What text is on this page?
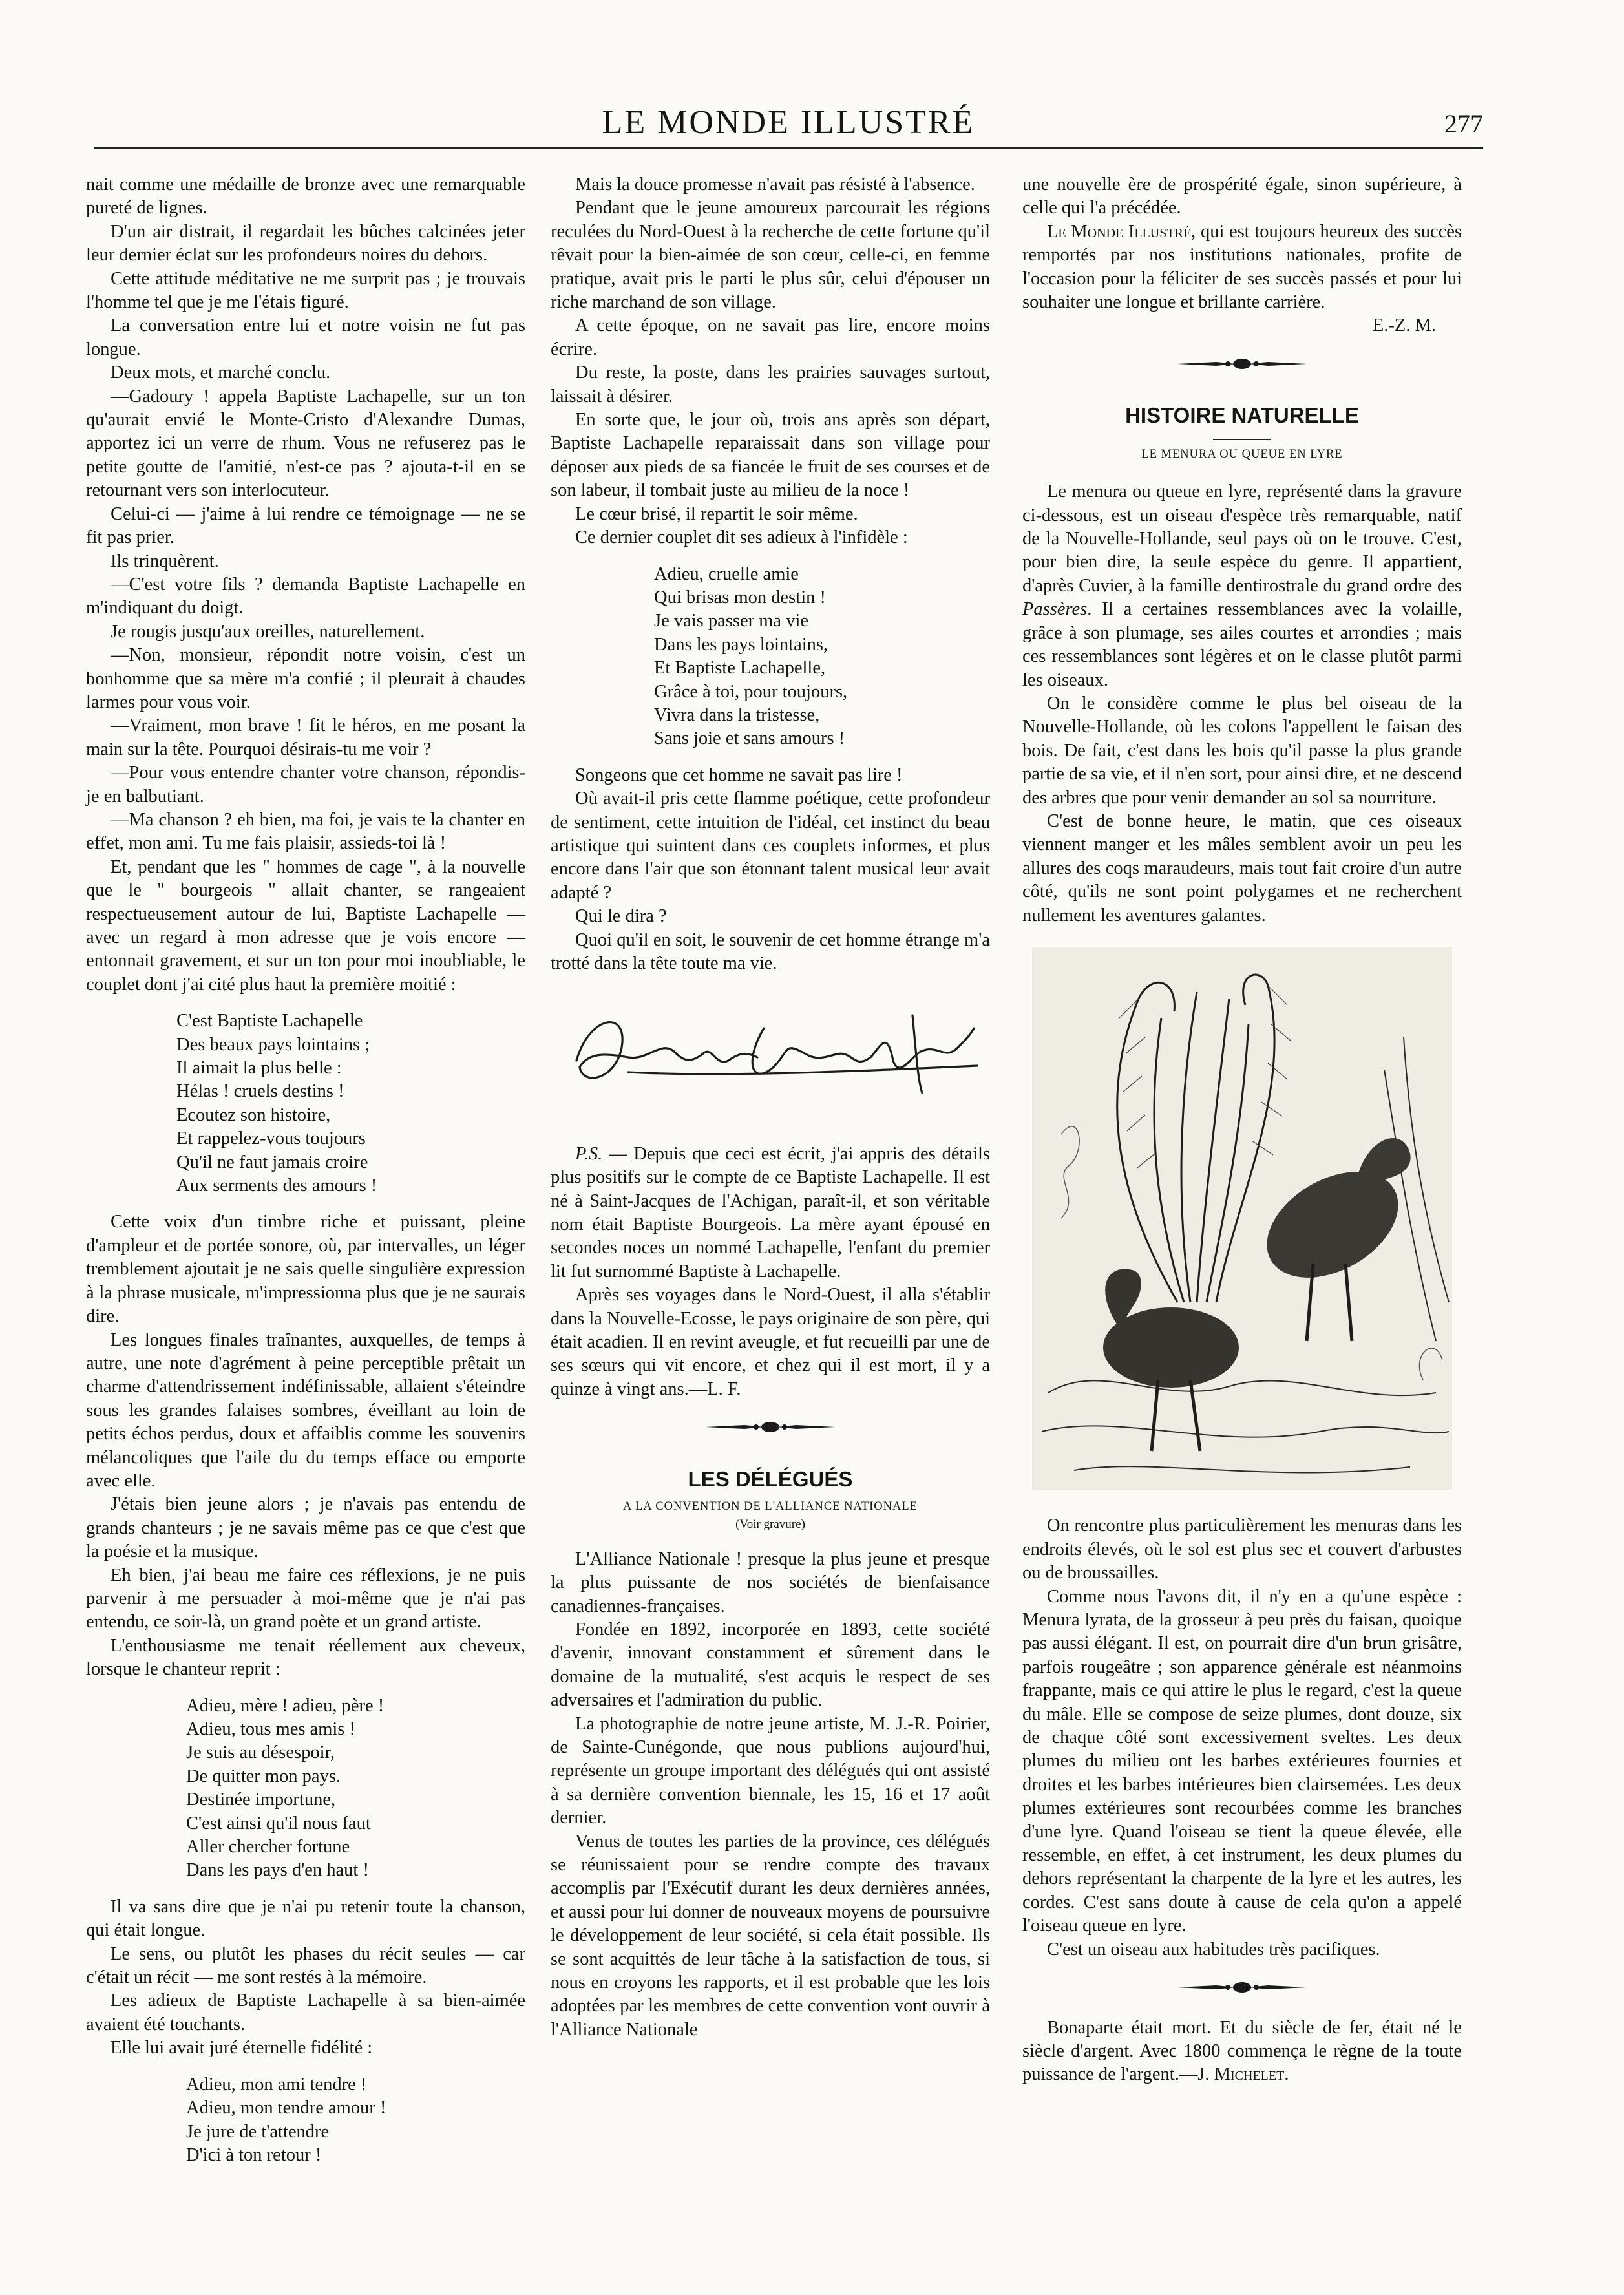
LE MONDE ILLUSTRÉ	277

nait comme une médaille de bronze avec une remarquable pureté de lignes.

D'un air distrait, il regardait les bûches calcinées jeter leur dernier éclat sur les profondeurs noires du dehors.

Cette attitude méditative ne me surprit pas ; je trouvais l'homme tel que je me l'étais figuré.

La conversation entre lui et notre voisin ne fut pas longue.

Deux mots, et marché conclu.

—Gadoury ! appela Baptiste Lachapelle, sur un ton qu'aurait envié le Monte-Cristo d'Alexandre Dumas, apportez ici un verre de rhum. Vous ne refuserez pas le petite goutte de l'amitié, n'est-ce pas ? ajouta-t-il en se retournant vers son interlocuteur.

Celui-ci — j'aime à lui rendre ce témoignage — ne se fit pas prier.

Ils trinquèrent.

—C'est votre fils ? demanda Baptiste Lachapelle en m'indiquant du doigt.

Je rougis jusqu'aux oreilles, naturellement.

—Non, monsieur, répondit notre voisin, c'est un bonhomme que sa mère m'a confié ; il pleurait à chaudes larmes pour vous voir.

—Vraiment, mon brave ! fit le héros, en me posant la main sur la tête. Pourquoi désirais-tu me voir ?

—Pour vous entendre chanter votre chanson, répondis-je en balbutiant.

—Ma chanson ? eh bien, ma foi, je vais te la chanter en effet, mon ami. Tu me fais plaisir, assieds-toi là !

Et, pendant que les " hommes de cage ", à la nouvelle que le " bourgeois " allait chanter, se rangeaient respectueusement autour de lui, Baptiste Lachapelle — avec un regard à mon adresse que je vois encore — entonnait gravement, et sur un ton pour moi inoubliable, le couplet dont j'ai cité plus haut la première moitié :

C'est Baptiste Lachapelle
Des beaux pays lointains ;
Il aimait la plus belle :
Hélas ! cruels destins !
Ecoutez son histoire,
Et rappelez-vous toujours
Qu'il ne faut jamais croire
Aux serments des amours !

Cette voix d'un timbre riche et puissant, pleine d'ampleur et de portée sonore, où, par intervalles, un léger tremblement ajoutait je ne sais quelle singulière expression à la phrase musicale, m'impressionna plus que je ne saurais dire.

Les longues finales traînantes, auxquelles, de temps à autre, une note d'agrément à peine perceptible prêtait un charme d'attendrissement indéfinissable, allaient s'éteindre sous les grandes falaises sombres, éveillant au loin de petits échos perdus, doux et affaiblis comme les souvenirs mélancoliques que l'aile du du temps efface ou emporte avec elle.

J'étais bien jeune alors ; je n'avais pas entendu de grands chanteurs ; je ne savais même pas ce que c'est que la poésie et la musique.

Eh bien, j'ai beau me faire ces réflexions, je ne puis parvenir à me persuader à moi-même que je n'ai pas entendu, ce soir-là, un grand poète et un grand artiste.

L'enthousiasme me tenait réellement aux cheveux, lorsque le chanteur reprit :

Adieu, mère ! adieu, père !
Adieu, tous mes amis !
Je suis au désespoir,
De quitter mon pays.
Destinée importune,
C'est ainsi qu'il nous faut
Aller chercher fortune
Dans les pays d'en haut !

Il va sans dire que je n'ai pu retenir toute la chanson, qui était longue.

Le sens, ou plutôt les phases du récit seules — car c'était un récit — me sont restés à la mémoire.

Les adieux de Baptiste Lachapelle à sa bien-aimée avaient été touchants.

Elle lui avait juré éternelle fidélité :

Adieu, mon ami tendre !
Adieu, mon tendre amour !
Je jure de t'attendre
D'ici à ton retour !

Mais la douce promesse n'avait pas résisté à l'absence.

Pendant que le jeune amoureux parcourait les régions reculées du Nord-Ouest à la recherche de cette fortune qu'il rêvait pour la bien-aimée de son cœur, celle-ci, en femme pratique, avait pris le parti le plus sûr, celui d'épouser un riche marchand de son village.

A cette époque, on ne savait pas lire, encore moins écrire.

Du reste, la poste, dans les prairies sauvages surtout, laissait à désirer.

En sorte que, le jour où, trois ans après son départ, Baptiste Lachapelle reparaissait dans son village pour déposer aux pieds de sa fiancée le fruit de ses courses et de son labeur, il tombait juste au milieu de la noce !

Le cœur brisé, il repartit le soir même.

Ce dernier couplet dit ses adieux à l'infidèle :

Adieu, cruelle amie
Qui brisas mon destin !
Je vais passer ma vie
Dans les pays lointains,
Et Baptiste Lachapelle,
Grâce à toi, pour toujours,
Vivra dans la tristesse,
Sans joie et sans amours !

Songeons que cet homme ne savait pas lire !

Où avait-il pris cette flamme poétique, cette profondeur de sentiment, cette intuition de l'idéal, cet instinct du beau artistique qui suintent dans ces couplets informes, et plus encore dans l'air que son étonnant talent musical leur avait adapté ?

Qui le dira ?

Quoi qu'il en soit, le souvenir de cet homme étrange m'a trotté dans la tête toute ma vie.

P.S. — Depuis que ceci est écrit, j'ai appris des détails plus positifs sur le compte de ce Baptiste Lachapelle. Il est né à Saint-Jacques de l'Achigan, paraît-il, et son véritable nom était Baptiste Bourgeois. La mère ayant épousé en secondes noces un nommé Lachapelle, l'enfant du premier lit fut surnommé Baptiste à Lachapelle.

Après ses voyages dans le Nord-Ouest, il alla s'établir dans la Nouvelle-Ecosse, le pays originaire de son père, qui était acadien. Il en revint aveugle, et fut recueilli par une de ses sœurs qui vit encore, et chez qui il est mort, il y a quinze à vingt ans.—L. F.

LES DÉLÉGUÉS
A LA CONVENTION DE L'ALLIANCE NATIONALE
(Voir gravure)

L'Alliance Nationale ! presque la plus jeune et presque la plus puissante de nos sociétés de bienfaisance canadiennes-françaises.

Fondée en 1892, incorporée en 1893, cette société d'avenir, innovant constamment et sûrement dans le domaine de la mutualité, s'est acquis le respect de ses adversaires et l'admiration du public.

La photographie de notre jeune artiste, M. J.-R. Poirier, de Sainte-Cunégonde, que nous publions aujourd'hui, représente un groupe important des délégués qui ont assisté à sa dernière convention biennale, les 15, 16 et 17 août dernier.

Venus de toutes les parties de la province, ces délégués se réunissaient pour se rendre compte des travaux accomplis par l'Exécutif durant les deux dernières années, et aussi pour lui donner de nouveaux moyens de poursuivre le développement de leur société, si cela était possible. Ils se sont acquittés de leur tâche à la satisfaction de tous, si nous en croyons les rapports, et il est probable que les lois adoptées par les membres de cette convention vont ouvrir à l'Alliance Nationale

une nouvelle ère de prospérité égale, sinon supérieure, à celle qui l'a précédée.

Le Monde Illustré, qui est toujours heureux des succès remportés par nos institutions nationales, profite de l'occasion pour la féliciter de ses succès passés et pour lui souhaiter une longue et brillante carrière.

E.-Z. M.
HISTOIRE NATURELLE
LE MENURA OU QUEUE EN LYRE

Le menura ou queue en lyre, représenté dans la gravure ci-dessous, est un oiseau d'espèce très remarquable, natif de la Nouvelle-Hollande, seul pays où on le trouve. C'est, pour bien dire, la seule espèce du genre. Il appartient, d'après Cuvier, à la famille dentirostrale du grand ordre des Passères. Il a certaines ressemblances avec la volaille, grâce à son plumage, ses ailes courtes et arrondies ; mais ces ressemblances sont légères et on le classe plutôt parmi les oiseaux.

On le considère comme le plus bel oiseau de la Nouvelle-Hollande, où les colons l'appellent le faisan des bois. De fait, c'est dans les bois qu'il passe la plus grande partie de sa vie, et il n'en sort, pour ainsi dire, et ne descend des arbres que pour venir demander au sol sa nourriture.

C'est de bonne heure, le matin, que ces oiseaux viennent manger et les mâles semblent avoir un peu les allures des coqs maraudeurs, mais tout fait croire d'un autre côté, qu'ils ne sont point polygames et ne recherchent nullement les aventures galantes.

On rencontre plus particulièrement les menuras dans les endroits élevés, où le sol est plus sec et couvert d'arbustes ou de broussailles.

Comme nous l'avons dit, il n'y en a qu'une espèce : Menura lyrata, de la grosseur à peu près du faisan, quoique pas aussi élégant. Il est, on pourrait dire d'un brun grisâtre, parfois rougeâtre ; son apparence générale est néanmoins frappante, mais ce qui attire le plus le regard, c'est la queue du mâle. Elle se compose de seize plumes, dont douze, six de chaque côté sont excessivement sveltes. Les deux plumes du milieu ont les barbes extérieures fournies et droites et les barbes intérieures bien clairsemées. Les deux plumes extérieures sont recourbées comme les branches d'une lyre. Quand l'oiseau se tient la queue élevée, elle ressemble, en effet, à cet instrument, les deux plumes du dehors représentant la charpente de la lyre et les autres, les cordes. C'est sans doute à cause de cela qu'on a appelé l'oiseau queue en lyre.

C'est un oiseau aux habitudes très pacifiques.

Bonaparte était mort. Et du siècle de fer, était né le siècle d'argent. Avec 1800 commença le règne de la toute puissance de l'argent.—J. Michelet.
